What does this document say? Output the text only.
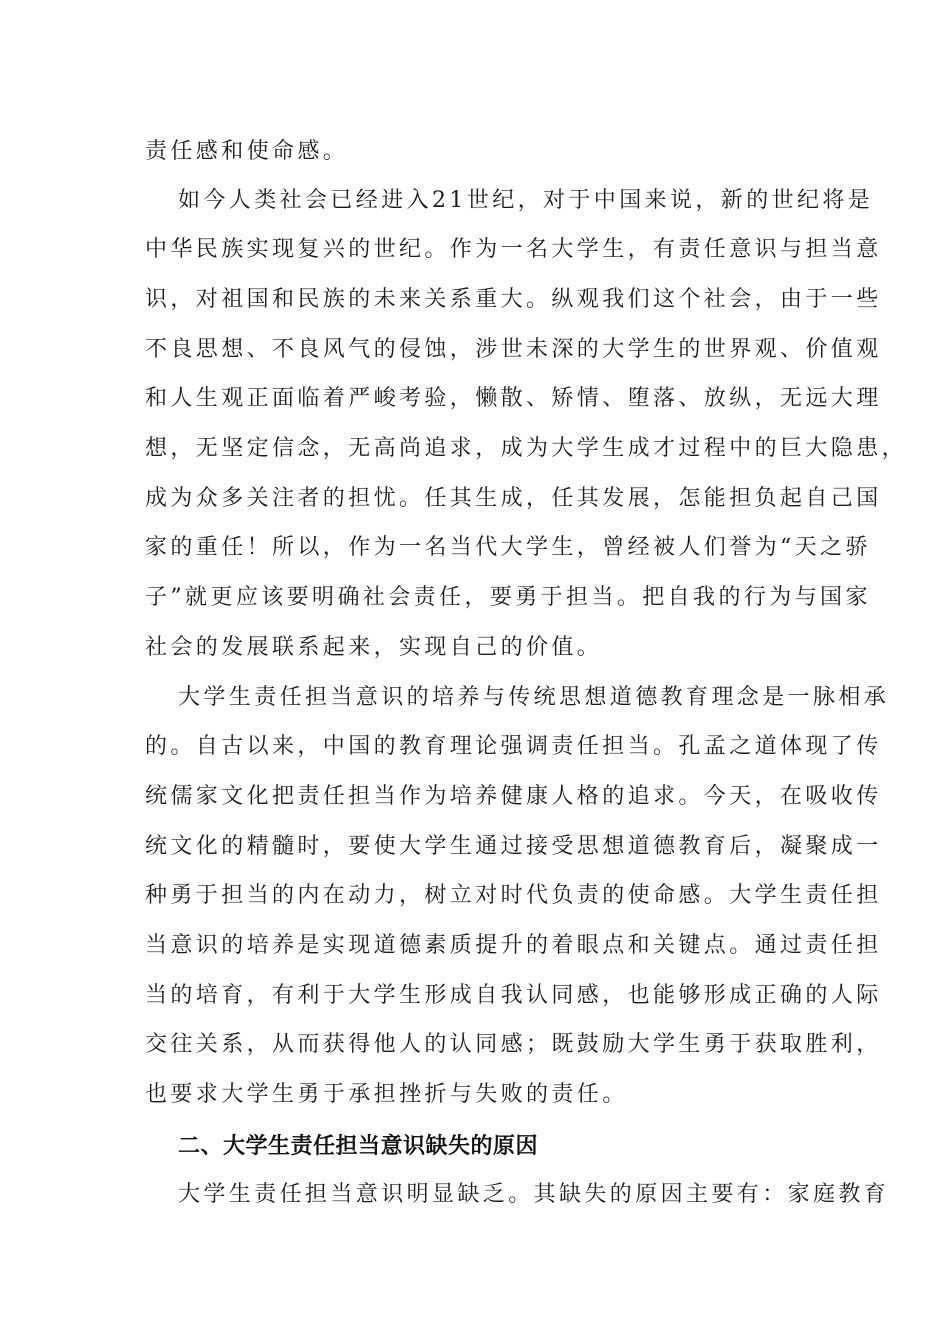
责任感和使命感。

如今人类社会已经进入21世纪，对于中国来说，新的世纪将是

中华民族实现复兴的世纪。作为一名大学生，有责任意识与担当意

识，对祖国和民族的未来关系重大。纵观我们这个社会，由于一些

不良思想、不良风气的侵蚀，涉世未深的大学生的世界观、价值观

和人生观正面临着严峻考验，懒散、矫情、堕落、放纵，无远大理

想，无坚定信念，无高尚追求，成为大学生成才过程中的巨大隐患，

成为众多关注者的担忧。任其生成，任其发展，怎能担负起自己国

家的重任！所以，作为一名当代大学生，曾经被人们誉为“天之骄

子”就更应该要明确社会责任，要勇于担当。把自我的行为与国家

社会的发展联系起来，实现自己的价值。

大学生责任担当意识的培养与传统思想道德教育理念是一脉相承

的。自古以来，中国的教育理论强调责任担当。孔孟之道体现了传

统儒家文化把责任担当作为培养健康人格的追求。今天，在吸收传

统文化的精髓时，要使大学生通过接受思想道德教育后，凝聚成一

种勇于担当的内在动力，树立对时代负责的使命感。大学生责任担

当意识的培养是实现道德素质提升的着眼点和关键点。通过责任担

当的培育，有利于大学生形成自我认同感，也能够形成正确的人际

交往关系，从而获得他人的认同感；既鼓励大学生勇于获取胜利，

也要求大学生勇于承担挫折与失败的责任。

二、大学生责任担当意识缺失的原因

大学生责任担当意识明显缺乏。其缺失的原因主要有：家庭教育
